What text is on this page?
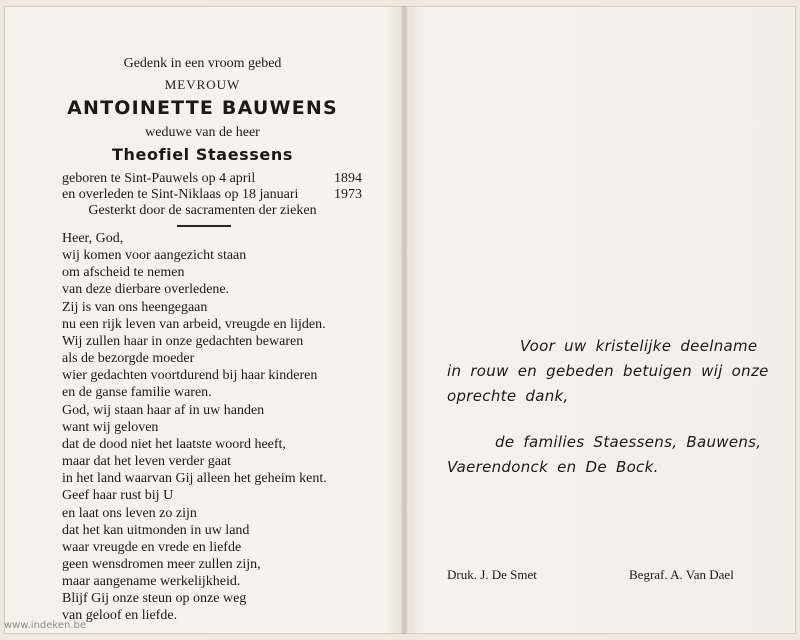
Gedenk in een vroom gebed
MEVROUW
ANTOINETTE BAUWENS
weduwe van de heer
Theofiel Staessens
geboren te Sint-Pauwels op 4 april	1894
en overleden te Sint-Niklaas op 18 januari	1973
Gesterkt door de sacramenten der zieken
Heer, God,
wij komen voor aangezicht staan
om afscheid te nemen
van deze dierbare overledene.
Zij is van ons heengegaan
nu een rijk leven van arbeid, vreugde en lijden.
Wij zullen haar in onze gedachten bewaren
als de bezorgde moeder
wier gedachten voortdurend bij haar kinderen
en de ganse familie waren.
God, wij staan haar af in uw handen
want wij geloven
dat de dood niet het laatste woord heeft,
maar dat het leven verder gaat
in het land waarvan Gij alleen het geheim kent.
Geef haar rust bij U
en laat ons leven zo zijn
dat het kan uitmonden in uw land
waar vreugde en vrede en liefde
geen wensdromen meer zullen zijn,
maar aangename werkelijkheid.
Blijf Gij onze steun op onze weg
van geloof en liefde.
Voor uw kristelijke deelname
in rouw en gebeden betuigen wij onze
oprechte dank,
de families Staessens, Bauwens,
Vaerendonck en De Bock.
Druk. J. De Smet	Begraf. A. Van Dael
www.indeken.be
